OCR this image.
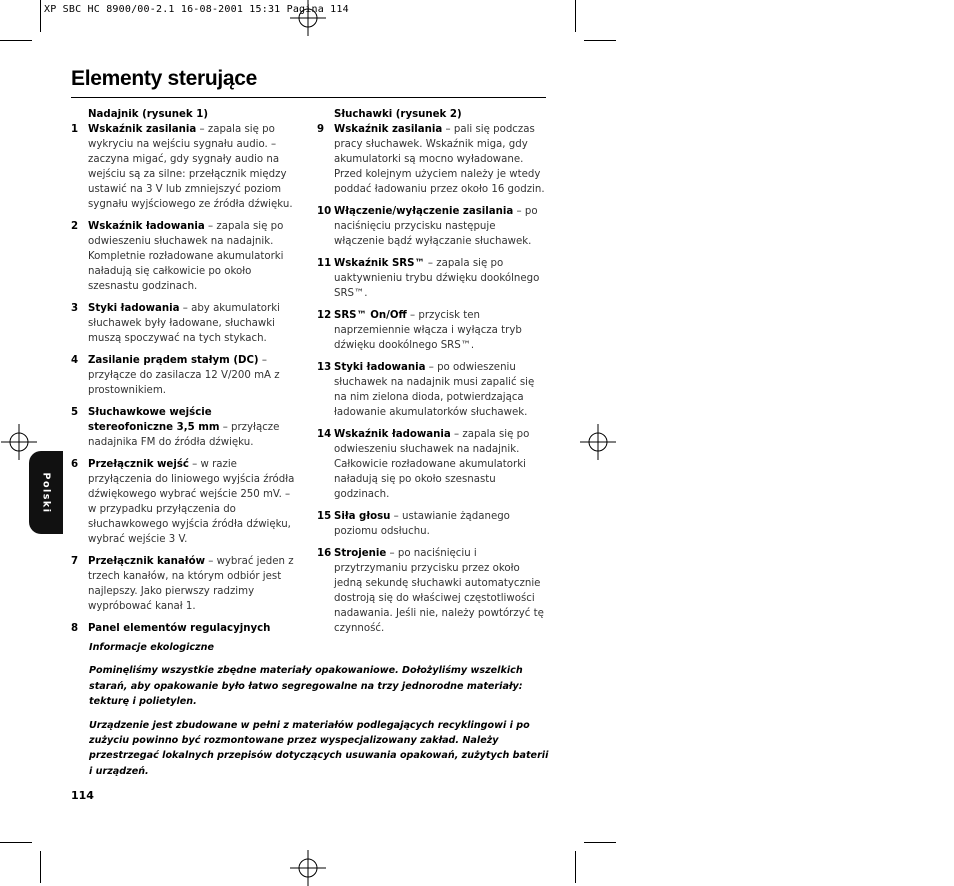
XP SBC HC 8900/00-2.1 16-08-2001 15:31 Pagina 114
Polski
Elementy sterujące
Nadajnik (rysunek 1)
1 Wskaźnik zasilania – zapala się po wykryciu na wejściu sygnału audio. – zaczyna migać, gdy sygnały audio na wejściu są za silne: przełącznik między ustawić na 3 V lub zmniejszyć poziom sygnału wyjściowego ze źródła dźwięku.
2 Wskaźnik ładowania – zapala się po odwieszeniu słuchawek na nadajnik. Kompletnie rozładowane akumulatorki naładują się całkowicie po około szesnastu godzinach.
3 Styki ładowania – aby akumulatorki słuchawek były ładowane, słuchawki muszą spoczywać na tych stykach.
4 Zasilanie prądem stałym (DC) – przyłącze do zasilacza 12 V/200 mA z prostownikiem.
5 Słuchawkowe wejście stereofoniczne 3,5 mm – przyłącze nadajnika FM do źródła dźwięku.
6 Przełącznik wejść – w razie przyłączenia do liniowego wyjścia źródła dźwiękowego wybrać wejście 250 mV. – w przypadku przyłączenia do słuchawkowego wyjścia źródła dźwięku, wybrać wejście 3 V.
7 Przełącznik kanałów – wybrać jeden z trzech kanałów, na którym odbiór jest najlepszy. Jako pierwszy radzimy wypróbować kanał 1.
8 Panel elementów regulacyjnych
Słuchawki (rysunek 2)
9 Wskaźnik zasilania – pali się podczas pracy słuchawek. Wskaźnik miga, gdy akumulatorki są mocno wyładowane. Przed kolejnym użyciem należy je wtedy poddać ładowaniu przez około 16 godzin.
10 Włączenie/wyłączenie zasilania – po naciśnięciu przycisku następuje włączenie bądź wyłączanie słuchawek.
11 Wskaźnik SRS™ – zapala się po uaktywnieniu trybu dźwięku dookólnego SRS™.
12 SRS™ On/Off – przycisk ten naprzemiennie włącza i wyłącza tryb dźwięku dookólnego SRS™.
13 Styki ładowania – po odwieszeniu słuchawek na nadajnik musi zapalić się na nim zielona dioda, potwierdzająca ładowanie akumulatorków słuchawek.
14 Wskaźnik ładowania – zapala się po odwieszeniu słuchawek na nadajnik. Całkowicie rozładowane akumulatorki naładują się po około szesnastu godzinach.
15 Siła głosu – ustawianie żądanego poziomu odsłuchu.
16 Strojenie – po naciśnięciu i przytrzymaniu przycisku przez około jedną sekundę słuchawki automatycznie dostroją się do właściwej częstotliwości nadawania. Jeśli nie, należy powtórzyć tę czynność.

Informacje ekologiczne

Pominęliśmy wszystkie zbędne materiały opakowaniowe. Dołożyliśmy wszelkich starań, aby opakowanie było łatwo segregowalne na trzy jednorodne materiały: tekturę i polietylen.

Urządzenie jest zbudowane w pełni z materiałów podlegających recyklingowi i po zużyciu powinno być rozmontowane przez wyspecjalizowany zakład. Należy przestrzegać lokalnych przepisów dotyczących usuwania opakowań, zużytych baterii i urządzeń.

114
